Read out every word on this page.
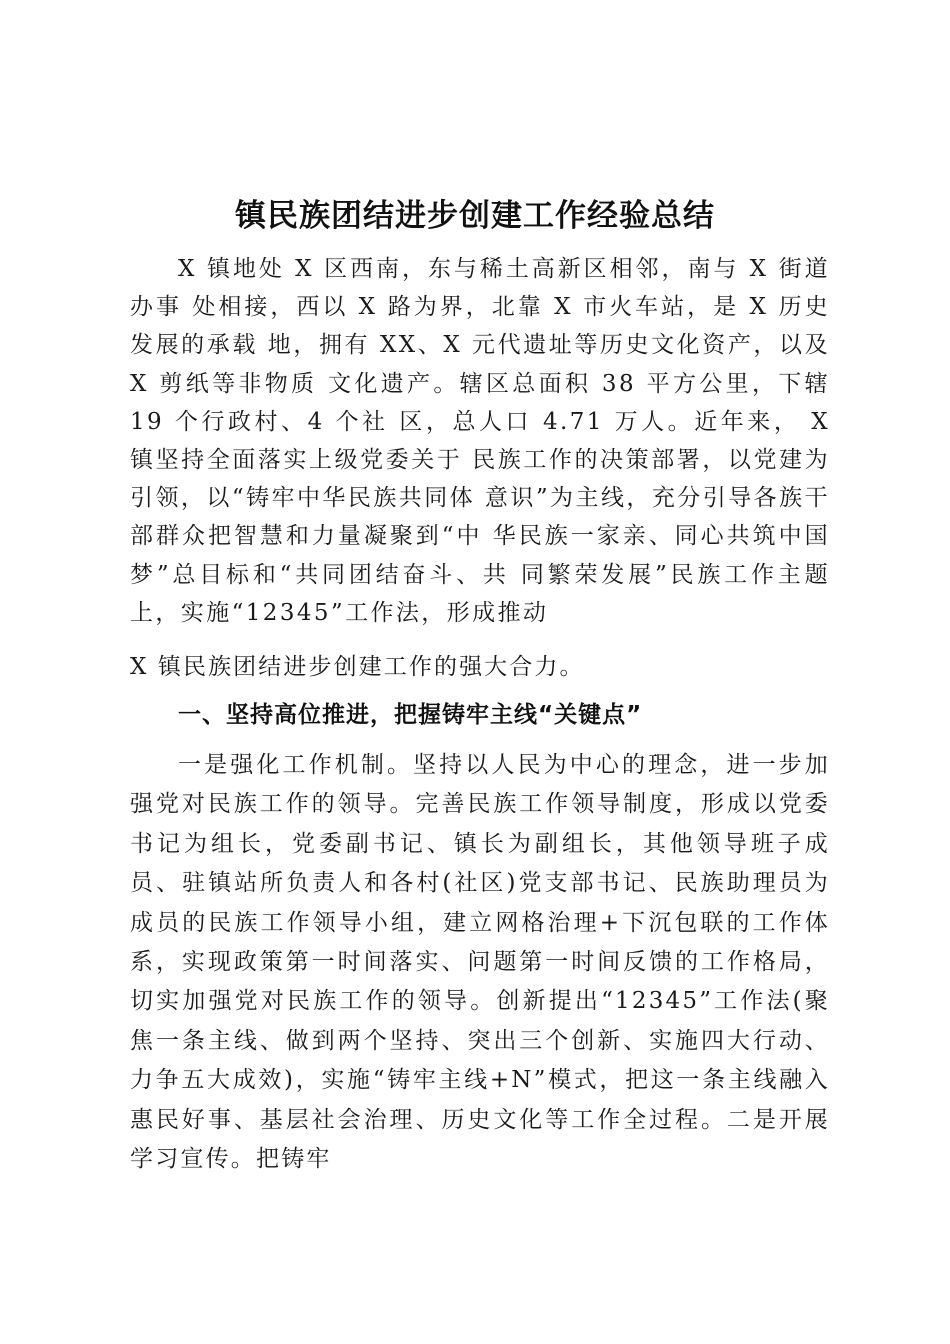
镇民族团结进步创建工作经验总结

X 镇地处 X 区西南，东与稀土高新区相邻，南与 X 街道办事 处相接，西以 X 路为界，北靠 X 市火车站，是 X 历史发展的承载 地，拥有 XX、X 元代遗址等历史文化资产，以及 X 剪纸等非物质 文化遗产。辖区总面积 38 平方公里，下辖 19 个行政村、4 个社 区，总人口 4.71 万人。近年来， X 镇坚持全面落实上级党委关于 民族工作的决策部署，以党建为引领，以“铸牢中华民族共同体 意识”为主线，充分引导各族干部群众把智慧和力量凝聚到“中 华民族一家亲、同心共筑中国梦”总目标和“共同团结奋斗、共 同繁荣发展”民族工作主题上，实施“12345”工作法，形成推动

X 镇民族团结进步创建工作的强大合力。

一、坚持高位推进，把握铸牢主线“关键点”

一是强化工作机制。坚持以人民为中心的理念，进一步加强党对民族工作的领导。完善民族工作领导制度，形成以党委书记为组长，党委副书记、镇长为副组长，其他领导班子成员、驻镇站所负责人和各村(社区)党支部书记、民族助理员为成员的民族工作领导小组，建立网格治理+下沉包联的工作体系，实现政策第一时间落实、问题第一时间反馈的工作格局，切实加强党对民族工作的领导。创新提出“12345”工作法(聚焦一条主线、做到两个坚持、突出三个创新、实施四大行动、力争五大成效)，实施“铸牢主线+N”模式，把这一条主线融入惠民好事、基层社会治理、历史文化等工作全过程。二是开展学习宣传。把铸牢
